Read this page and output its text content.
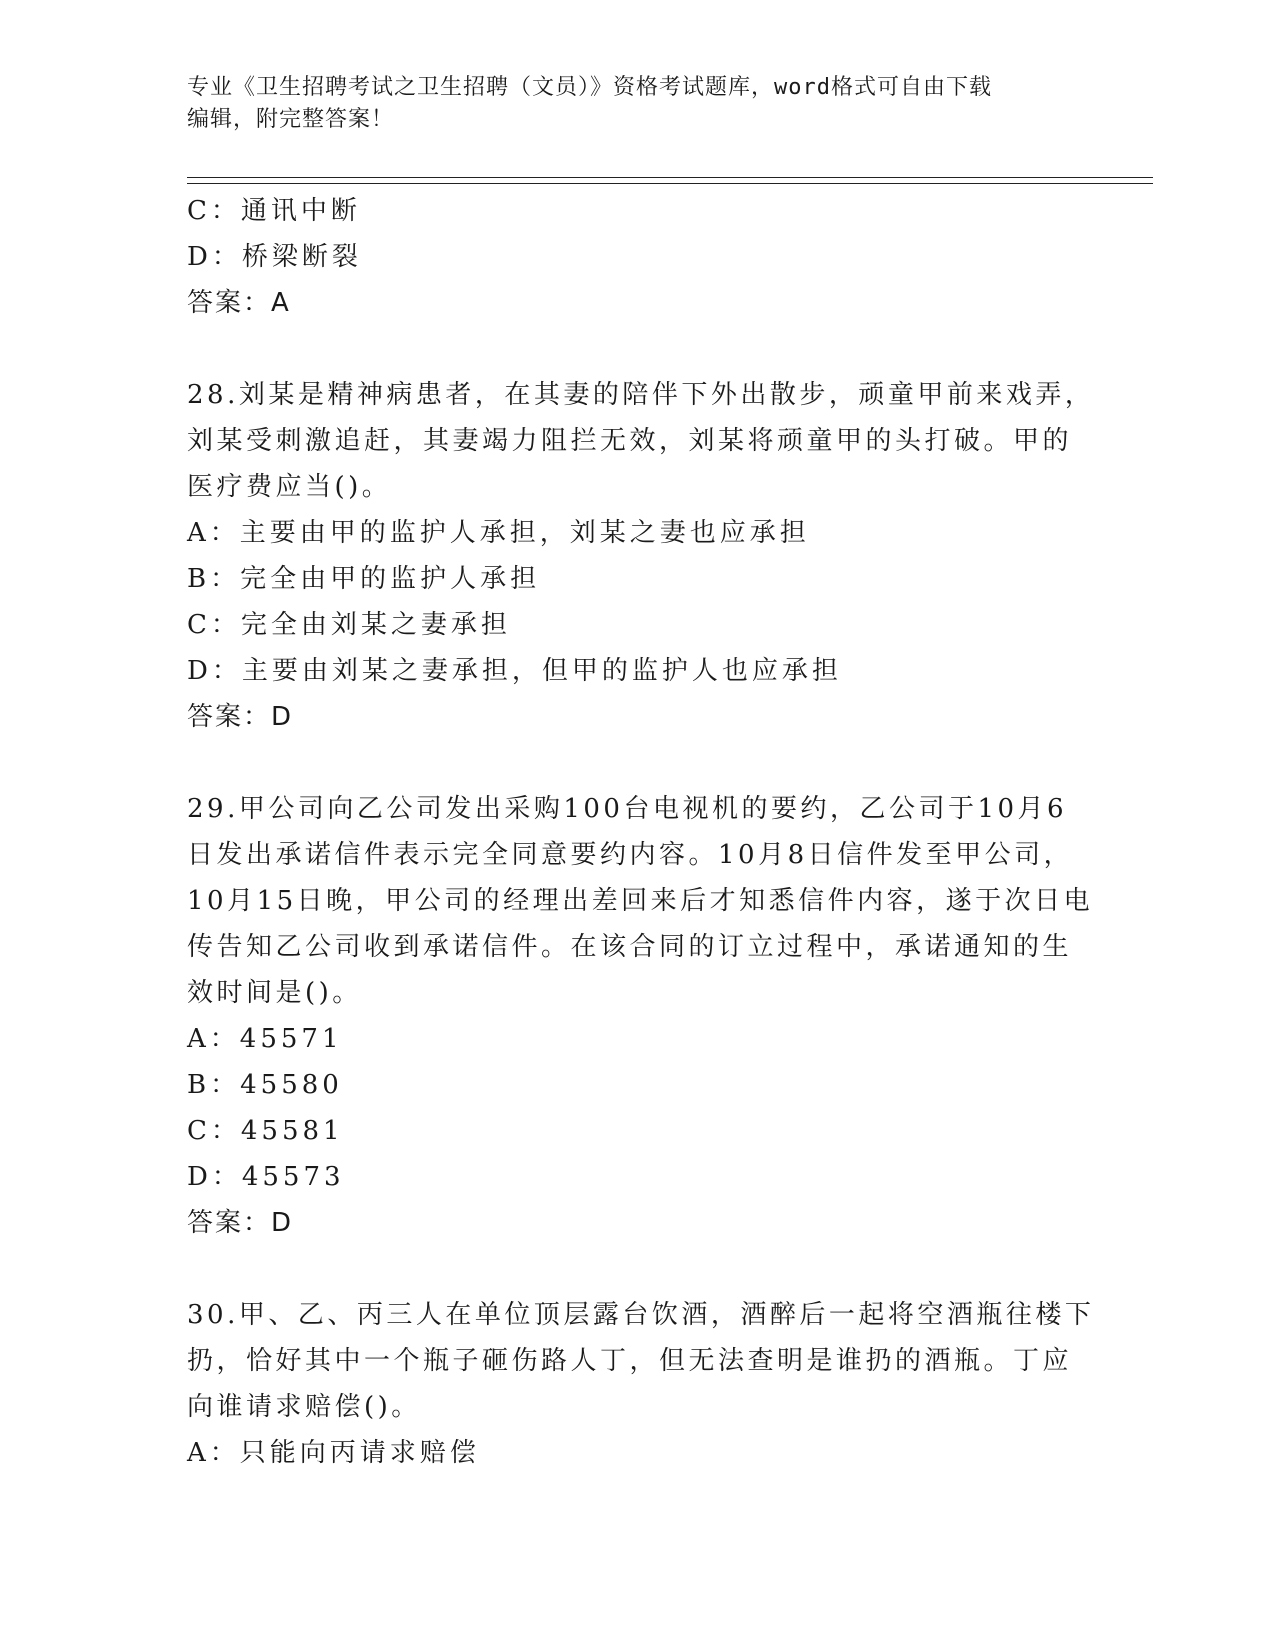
专业《卫生招聘考试之卫生招聘（文员）》资格考试题库，word格式可自由下载
编辑，附完整答案！
C：通讯中断
D：桥梁断裂
答案：A
28.刘某是精神病患者，在其妻的陪伴下外出散步，顽童甲前来戏弄，
刘某受刺激追赶，其妻竭力阻拦无效，刘某将顽童甲的头打破。甲的
医疗费应当()。
A：主要由甲的监护人承担，刘某之妻也应承担
B：完全由甲的监护人承担
C：完全由刘某之妻承担
D：主要由刘某之妻承担，但甲的监护人也应承担
答案：D
29.甲公司向乙公司发出采购100台电视机的要约，乙公司于10月6
日发出承诺信件表示完全同意要约内容。10月8日信件发至甲公司，
10月15日晚，甲公司的经理出差回来后才知悉信件内容，遂于次日电
传告知乙公司收到承诺信件。在该合同的订立过程中，承诺通知的生
效时间是()。
A：45571
B：45580
C：45581
D：45573
答案：D
30.甲、乙、丙三人在单位顶层露台饮酒，酒醉后一起将空酒瓶往楼下
扔，恰好其中一个瓶子砸伤路人丁，但无法查明是谁扔的酒瓶。丁应
向谁请求赔偿()。
A：只能向丙请求赔偿
